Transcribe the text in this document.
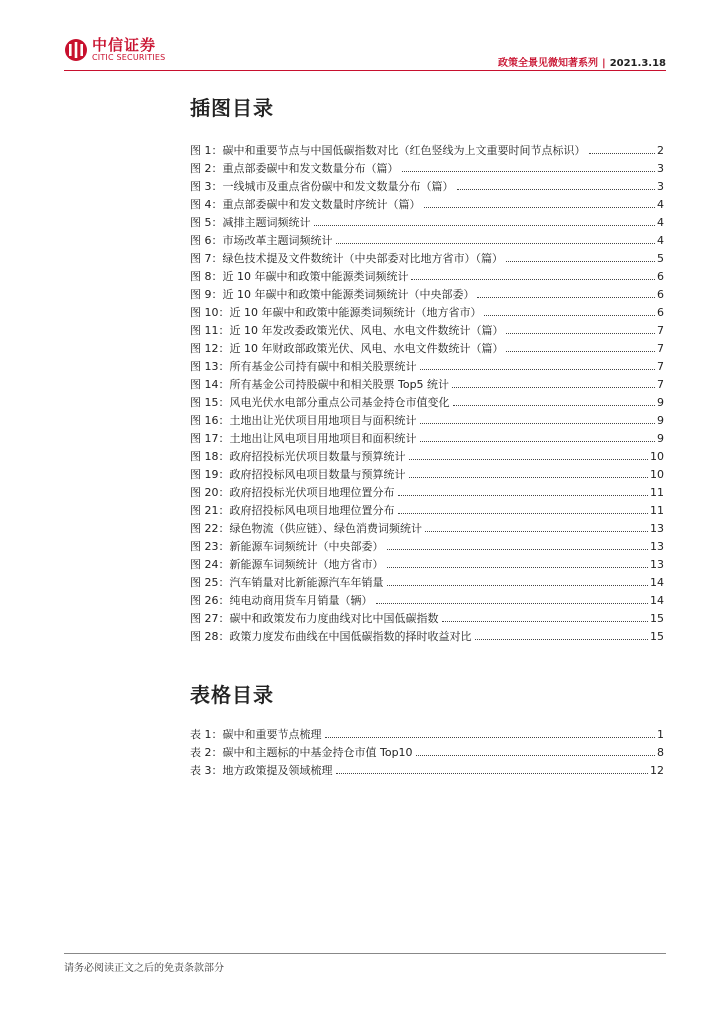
中信证券
CITIC SECURITIES
政策全景见微知著系列 | 2021.3.18
插图目录
图 1：碳中和重要节点与中国低碳指数对比（红色竖线为上文重要时间节点标识）	2
图 2：重点部委碳中和发文数量分布（篇）	3
图 3：一线城市及重点省份碳中和发文数量分布（篇）	3
图 4：重点部委碳中和发文数量时序统计（篇）	4
图 5：减排主题词频统计	4
图 6：市场改革主题词频统计	4
图 7：绿色技术提及文件数统计（中央部委对比地方省市）（篇）	5
图 8：近 10 年碳中和政策中能源类词频统计	6
图 9：近 10 年碳中和政策中能源类词频统计（中央部委）	6
图 10：近 10 年碳中和政策中能源类词频统计（地方省市）	6
图 11：近 10 年发改委政策光伏、风电、水电文件数统计（篇）	7
图 12：近 10 年财政部政策光伏、风电、水电文件数统计（篇）	7
图 13：所有基金公司持有碳中和相关股票统计	7
图 14：所有基金公司持股碳中和相关股票 Top5 统计	7
图 15：风电光伏水电部分重点公司基金持仓市值变化	9
图 16：土地出让光伏项目用地项目与面积统计	9
图 17：土地出让风电项目用地项目和面积统计	9
图 18：政府招投标光伏项目数量与预算统计	10
图 19：政府招投标风电项目数量与预算统计	10
图 20：政府招投标光伏项目地理位置分布	11
图 21：政府招投标风电项目地理位置分布	11
图 22：绿色物流（供应链）、绿色消费词频统计	13
图 23：新能源车词频统计（中央部委）	13
图 24：新能源车词频统计（地方省市）	13
图 25：汽车销量对比新能源汽车年销量	14
图 26：纯电动商用货车月销量（辆）	14
图 27：碳中和政策发布力度曲线对比中国低碳指数	15
图 28：政策力度发布曲线在中国低碳指数的择时收益对比	15
表格目录
表 1：碳中和重要节点梳理	1
表 2：碳中和主题标的中基金持仓市值 Top10	8
表 3：地方政策提及领域梳理	12
请务必阅读正文之后的免责条款部分
